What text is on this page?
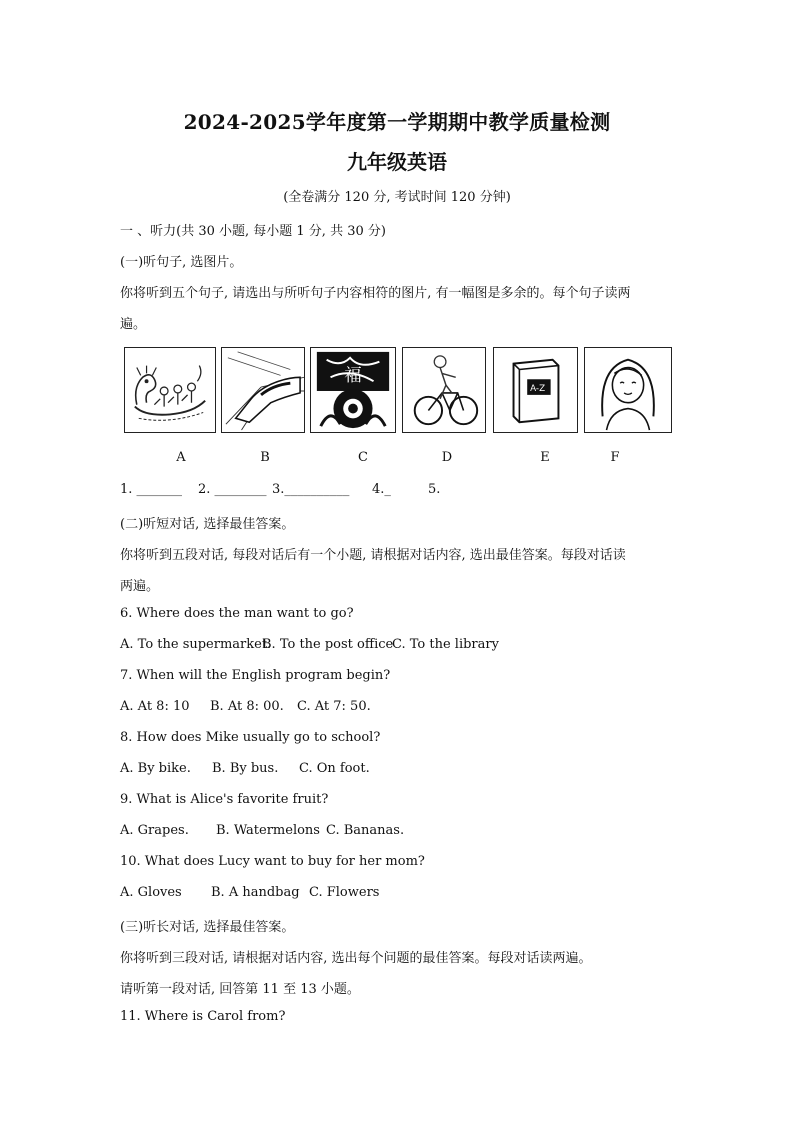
2024-2025学年度第一学期期中教学质量检测
九年级英语
(全卷满分 120 分, 考试时间 120 分钟)
一 、听力(共 30 小题, 每小题 1 分, 共 30 分)
(一)听句子, 选图片。
你将听到五个句子, 请选出与所听句子内容相符的图片, 有一幅图是多余的。每个句子读两
遍。
福
A-Z
A	B	C	D	E	F
1. _______ 2. ________ 3.__________ 4._	5.
(二)听短对话, 选择最佳答案。
你将听到五段对话, 每段对话后有一个小题, 请根据对话内容, 选出最佳答案。每段对话读
两遍。
6. Where does the man want to go?
A. To the supermarket.B. To the post officeC. To the library
7. When will the English program begin?
A. At 8: 10 B. At 8: 00. C. At 7: 50.
8. How does Mike usually go to school?
A. By bike. B. By bus. C. On foot.
9. What is Alice's favorite fruit?
A. Grapes. B. Watermelons C. Bananas.
10. What does Lucy want to buy for her mom?
A. Gloves B. A handbag C. Flowers
(三)听长对话, 选择最佳答案。
你将听到三段对话, 请根据对话内容, 选出每个问题的最佳答案。每段对话读两遍。
请听第一段对话, 回答第 11 至 13 小题。
11. Where is Carol from?
